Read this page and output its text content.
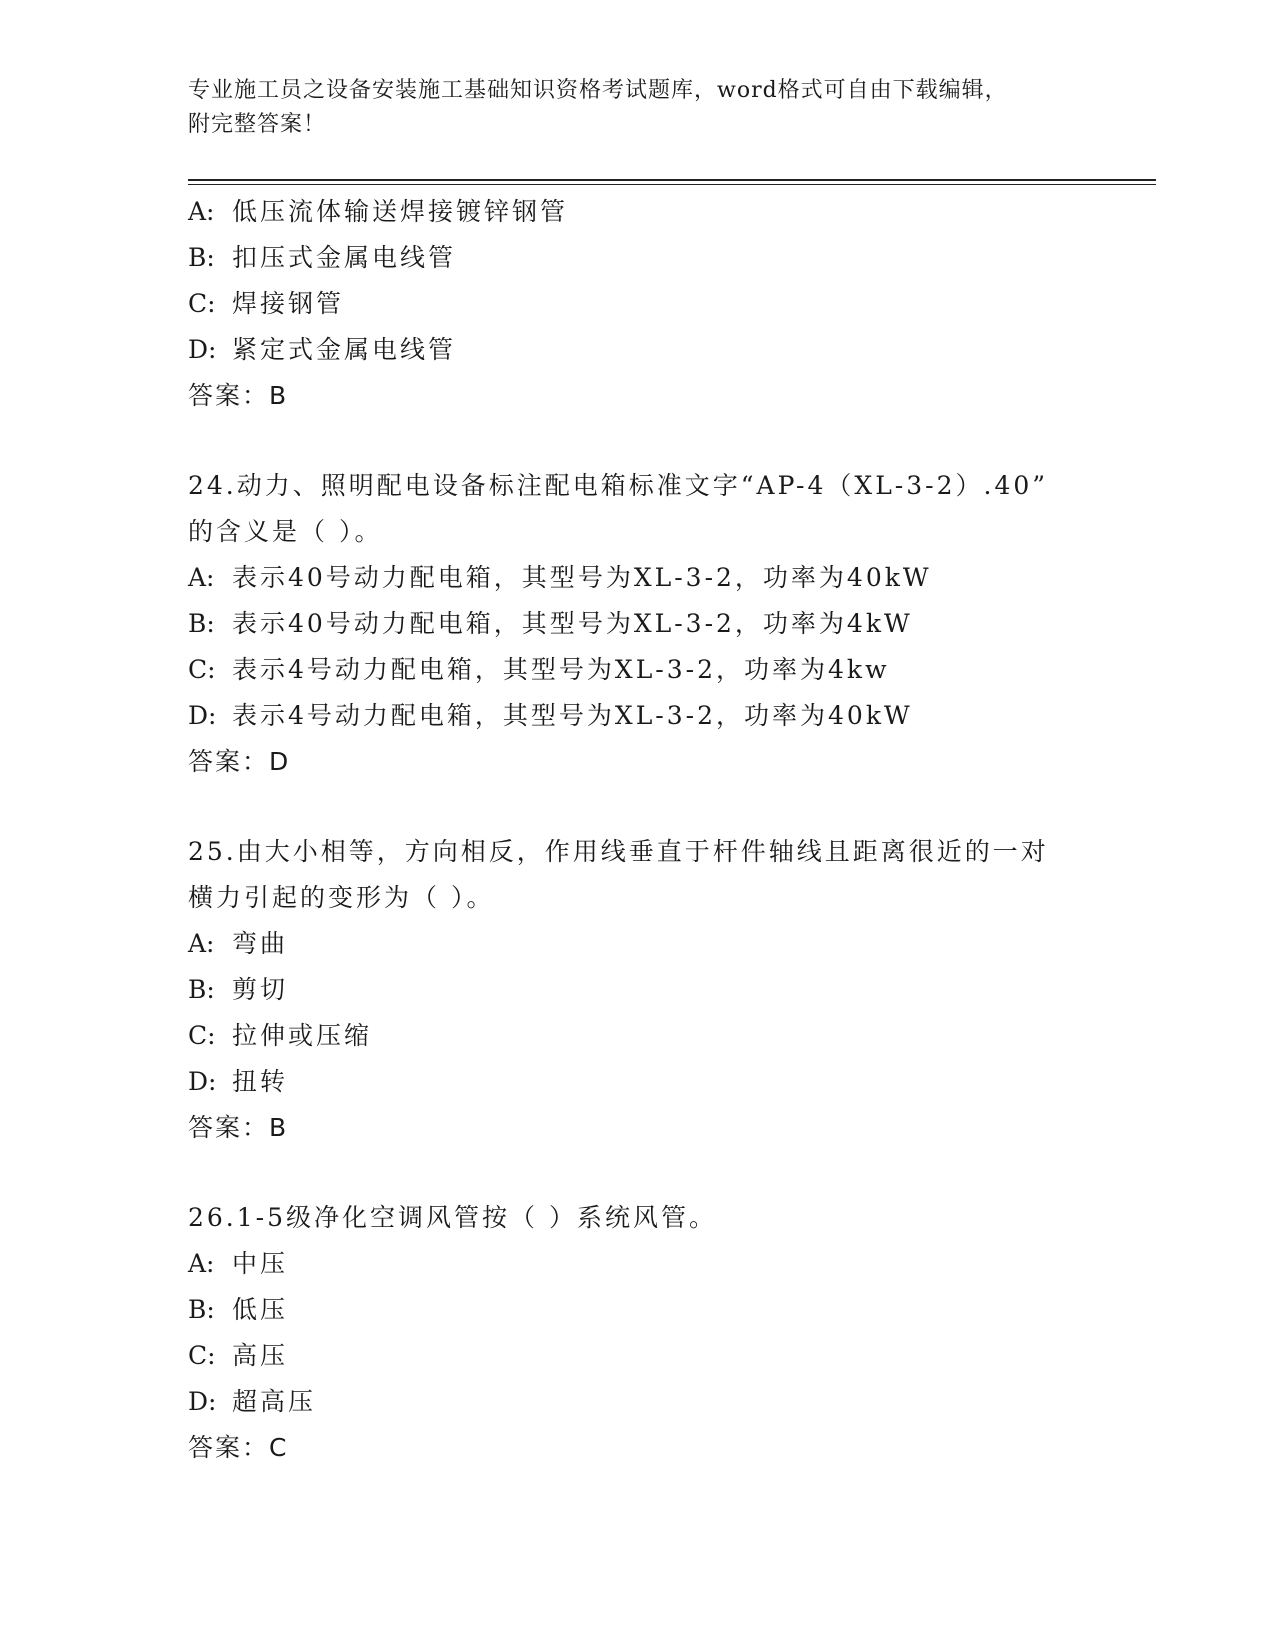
专业施工员之设备安装施工基础知识资格考试题库，word格式可自由下载编辑，
附完整答案！
A: 低压流体输送焊接镀锌钢管
B: 扣压式金属电线管
C: 焊接钢管
D: 紧定式金属电线管
答案：B
24.动力、照明配电设备标注配电箱标准文字“AP-4（XL-3-2）.40”
的含义是（ ）。
A: 表示40号动力配电箱，其型号为XL-3-2，功率为40kW
B: 表示40号动力配电箱，其型号为XL-3-2，功率为4kW
C: 表示4号动力配电箱，其型号为XL-3-2，功率为4kw
D: 表示4号动力配电箱，其型号为XL-3-2，功率为40kW
答案：D
25.由大小相等，方向相反，作用线垂直于杆件轴线且距离很近的一对
横力引起的变形为（ ）。
A: 弯曲
B: 剪切
C: 拉伸或压缩
D: 扭转
答案：B
26.1-5级净化空调风管按（ ）系统风管。
A: 中压
B: 低压
C: 高压
D: 超高压
答案：C
